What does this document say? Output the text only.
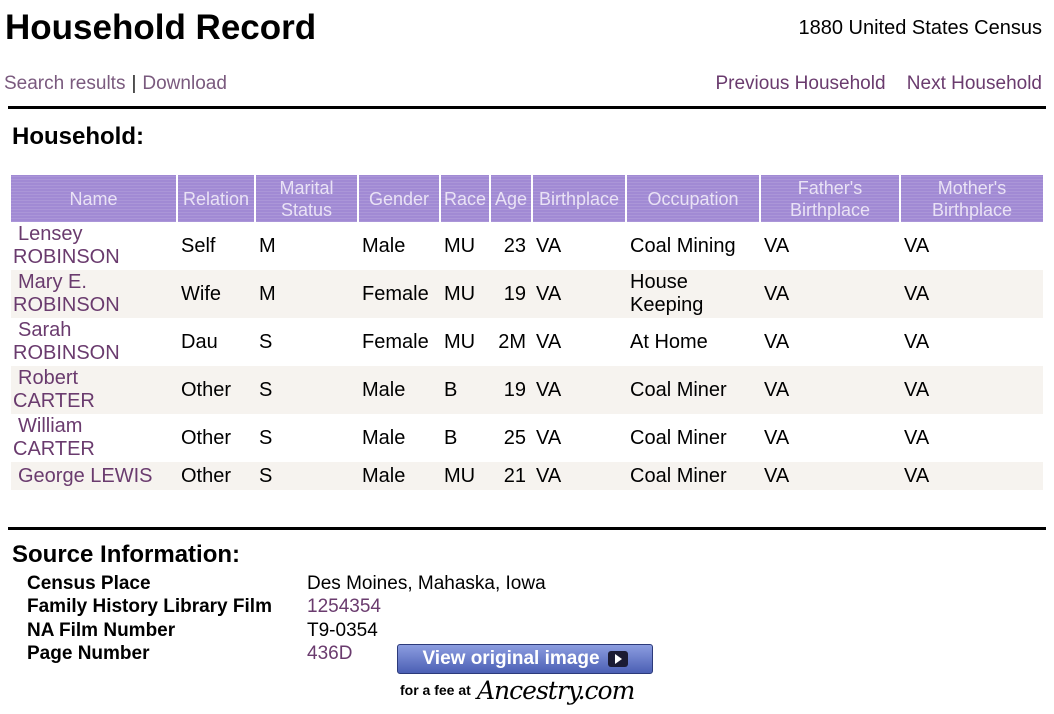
Household Record	1880 United States Census
Search results | Download	Previous Household Next Household
Household:
Name	Relation	Marital Status	Gender	Race	Age	Birthplace	Occupation	Father's Birthplace	Mother's Birthplace

Lensey
ROBINSON	Self	M	Male	MU	23	VA	Coal Mining	VA	VA

Mary E.
ROBINSON	Wife	M	Female	MU	19	VA	House Keeping	VA	VA

Sarah
ROBINSON	Dau	S	Female	MU	2M	VA	At Home	VA	VA

Robert
CARTER	Other	S	Male	B	19	VA	Coal Miner	VA	VA

William
CARTER	Other	S	Male	B	25	VA	Coal Miner	VA	VA

George LEWIS	Other	S	Male	MU	21	VA	Coal Miner	VA	VA
Source Information:
Census Place	Des Moines, Mahaska, Iowa
Family History Library Film	1254354
NA Film Number	T9-0354
Page Number	436D	View original image
for a fee at Ancestry.com
